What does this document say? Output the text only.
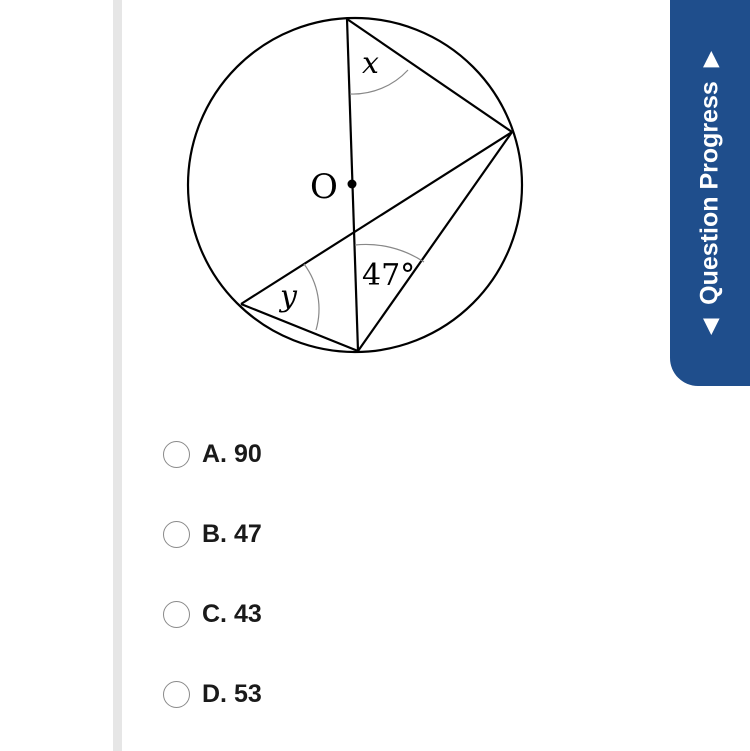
O
x
y
47°
A. 90
B. 47
C. 43
D. 53
◀
Question Progress
▶
